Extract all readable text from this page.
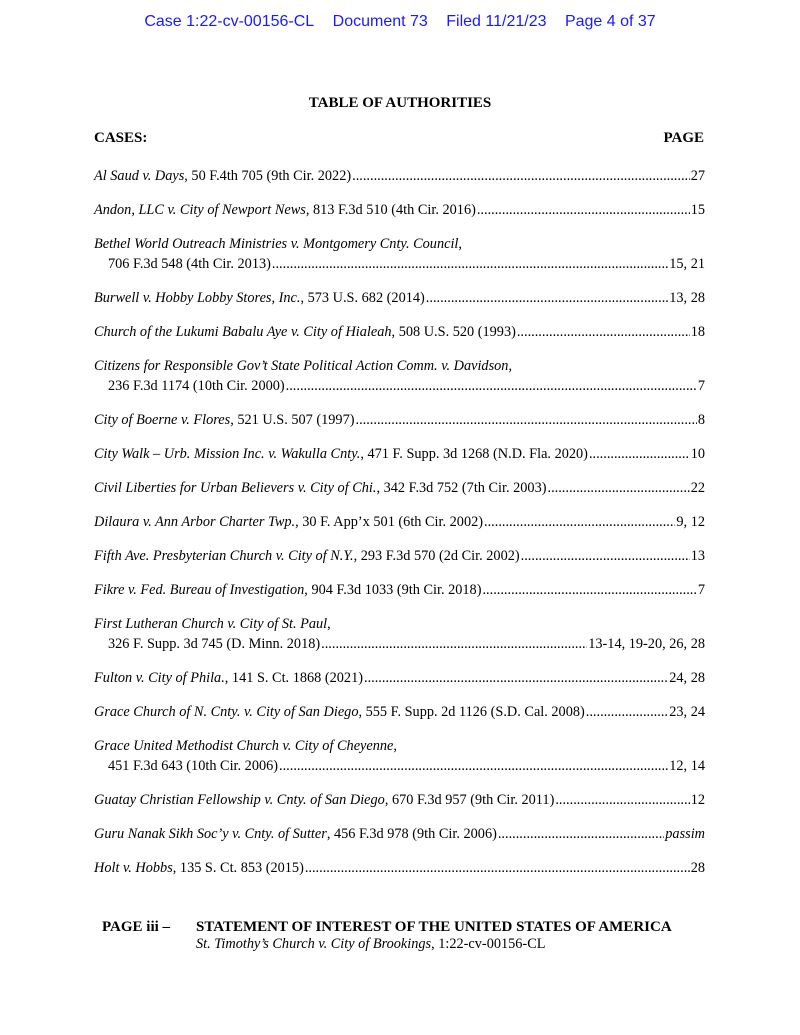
Case 1:22-cv-00156-CL Document 73 Filed 11/21/23 Page 4 of 37
TABLE OF AUTHORITIES
CASES:	PAGE
Al Saud v. Days, 50 F.4th 705 (9th Cir. 2022) .....	27
Andon, LLC v. City of Newport News, 813 F.3d 510 (4th Cir. 2016) .....	15
Bethel World Outreach Ministries v. Montgomery Cnty. Council,
706 F.3d 548 (4th Cir. 2013) .....	15, 21
Burwell v. Hobby Lobby Stores, Inc., 573 U.S. 682 (2014) .....	13, 28
Church of the Lukumi Babalu Aye v. City of Hialeah, 508 U.S. 520 (1993) .....	18
Citizens for Responsible Gov’t State Political Action Comm. v. Davidson,
236 F.3d 1174 (10th Cir. 2000) .....	7
City of Boerne v. Flores, 521 U.S. 507 (1997) .....	8
City Walk – Urb. Mission Inc. v. Wakulla Cnty., 471 F. Supp. 3d 1268 (N.D. Fla. 2020) .....	10
Civil Liberties for Urban Believers v. City of Chi., 342 F.3d 752 (7th Cir. 2003) .....	22
Dilaura v. Ann Arbor Charter Twp., 30 F. App’x 501 (6th Cir. 2002) .....	9, 12
Fifth Ave. Presbyterian Church v. City of N.Y., 293 F.3d 570 (2d Cir. 2002) .....	13
Fikre v. Fed. Bureau of Investigation, 904 F.3d 1033 (9th Cir. 2018) .....	7
First Lutheran Church v. City of St. Paul,
326 F. Supp. 3d 745 (D. Minn. 2018) .....	13-14, 19-20, 26, 28
Fulton v. City of Phila., 141 S. Ct. 1868 (2021) .....	24, 28
Grace Church of N. Cnty. v. City of San Diego, 555 F. Supp. 2d 1126 (S.D. Cal. 2008) .....	23, 24
Grace United Methodist Church v. City of Cheyenne,
451 F.3d 643 (10th Cir. 2006) .....	12, 14
Guatay Christian Fellowship v. Cnty. of San Diego, 670 F.3d 957 (9th Cir. 2011) .....	12
Guru Nanak Sikh Soc’y v. Cnty. of Sutter, 456 F.3d 978 (9th Cir. 2006) .....	passim
Holt v. Hobbs, 135 S. Ct. 853 (2015) .....	28
PAGE iii – STATEMENT OF INTEREST OF THE UNITED STATES OF AMERICA
St. Timothy’s Church v. City of Brookings, 1:22-cv-00156-CL
